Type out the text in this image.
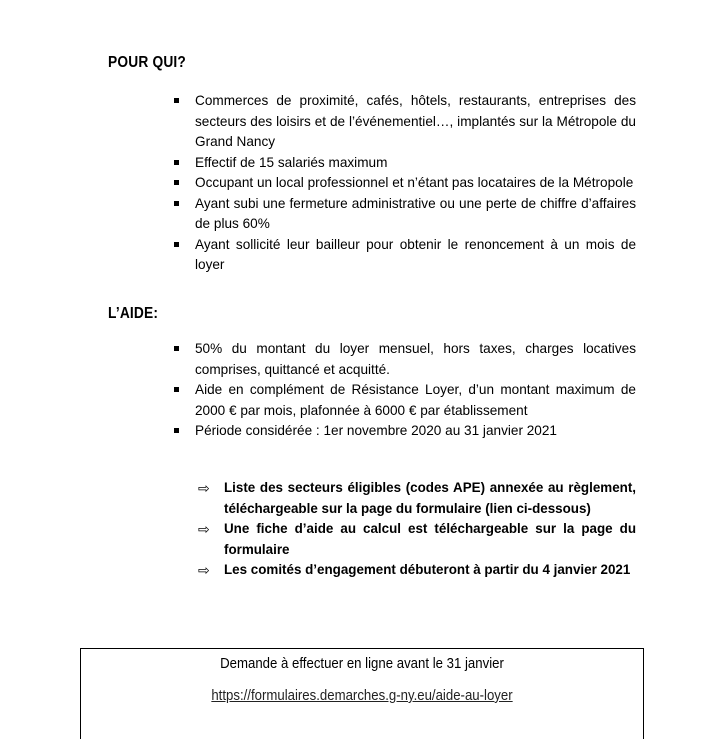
POUR QUI?
Commerces de proximité, cafés, hôtels, restaurants, entreprises des secteurs des loisirs et de l’événementiel…, implantés sur la Métropole du Grand Nancy
Effectif de 15 salariés maximum
Occupant un local professionnel et n’étant pas locataires de la Métropole
Ayant subi une fermeture administrative ou une perte de chiffre d’affaires de plus 60%
Ayant sollicité leur bailleur pour obtenir le renoncement à un mois de loyer
L’AIDE:
50% du montant du loyer mensuel, hors taxes, charges locatives comprises, quittancé et acquitté.
Aide en complément de Résistance Loyer, d’un montant maximum de 2000 € par mois, plafonnée à 6000 € par établissement
Période considérée : 1er novembre 2020 au 31 janvier 2021
⇨ Liste des secteurs éligibles (codes APE) annexée au règlement, téléchargeable sur la page du formulaire (lien ci-dessous)
⇨ Une fiche d’aide au calcul est téléchargeable sur la page du formulaire
⇨ Les comités d’engagement débuteront à partir du 4 janvier 2021
Demande à effectuer en ligne avant le 31 janvier
https://formulaires.demarches.g-ny.eu/aide-au-loyer
